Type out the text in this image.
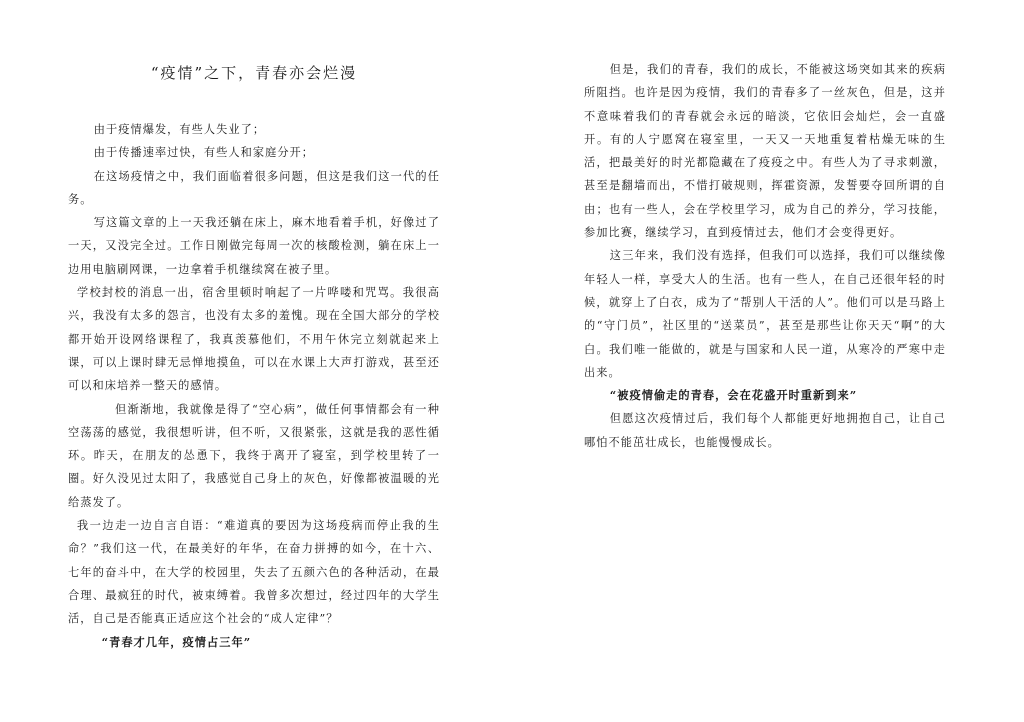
“疫情”之下，青春亦会烂漫

由于疫情爆发，有些人失业了；

由于传播速率过快，有些人和家庭分开；

在这场疫情之中，我们面临着很多问题，但这是我们这一代的任务。

写这篇文章的上一天我还躺在床上，麻木地看着手机，好像过了一天，又没完全过。工作日刚做完每周一次的核酸检测，躺在床上一边用电脑刷网课，一边拿着手机继续窝在被子里。

学校封校的消息一出，宿舍里顿时响起了一片哗喽和咒骂。我很高兴，我没有太多的怨言，也没有太多的羞愧。现在全国大部分的学校都开始开设网络课程了，我真羡慕他们，不用午休完立刻就起来上课，可以上课时肆无忌惮地摸鱼，可以在水课上大声打游戏，甚至还可以和床培养一整天的感情。

但渐渐地，我就像是得了“空心病”，做任何事情都会有一种空荡荡的感觉，我很想听讲，但不听，又很紧张，这就是我的恶性循环。昨天，在朋友的怂恿下，我终于离开了寝室，到学校里转了一圈。好久没见过太阳了，我感觉自己身上的灰色，好像都被温暖的光给蒸发了。

我一边走一边自言自语：“难道真的要因为这场疫病而停止我的生命？”我们这一代，在最美好的年华，在奋力拼搏的如今，在十六、七年的奋斗中，在大学的校园里，失去了五颜六色的各种活动，在最合理、最疯狂的时代，被束缚着。我曾多次想过，经过四年的大学生活，自己是否能真正适应这个社会的“成人定律”？

“青春才几年，疫情占三年”

但是，我们的青春，我们的成长，不能被这场突如其来的疾病所阻挡。也许是因为疫情，我们的青春多了一丝灰色，但是，这并不意味着我们的青春就会永远的暗淡，它依旧会灿烂，会一直盛开。有的人宁愿窝在寝室里，一天又一天地重复着枯燥无味的生活，把最美好的时光都隐藏在了疫疫之中。有些人为了寻求刺激，甚至是翻墙而出，不惜打破规则，挥霍资源，发誓要夺回所谓的自由；也有一些人，会在学校里学习，成为自己的养分，学习技能，参加比赛，继续学习，直到疫情过去，他们才会变得更好。

这三年来，我们没有选择，但我们可以选择，我们可以继续像年轻人一样，享受大人的生活。也有一些人，在自己还很年轻的时候，就穿上了白衣，成为了“帮别人干活的人”。他们可以是马路上的“守门员”，社区里的“送菜员”，甚至是那些让你天天“啊”的大白。我们唯一能做的，就是与国家和人民一道，从寒冷的严寒中走出来。

“被疫情偷走的青春，会在花盛开时重新到来”

但愿这次疫情过后，我们每个人都能更好地拥抱自己，让自己哪怕不能茁壮成长，也能慢慢成长。
